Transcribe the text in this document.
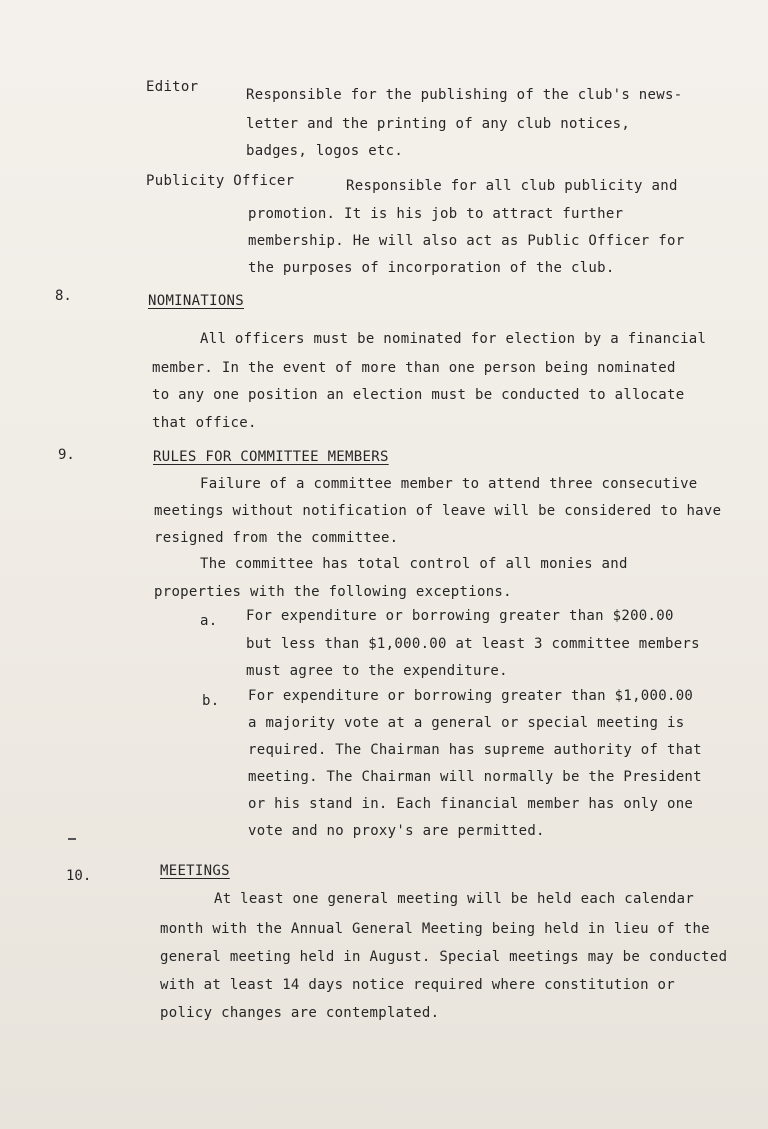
Editor	Responsible for the publishing of the club's news-
letter and the printing of any club notices,
badges, logos etc.
Publicity Officer	Responsible for all club publicity and
promotion. It is his job to attract further
membership. He will also act as Public Officer for
the purposes of incorporation of the club.
8.	NOMINATIONS
All officers must be nominated for election by a financial
member. In the event of more than one person being nominated
to any one position an election must be conducted to allocate
that office.
9.	RULES FOR COMMITTEE MEMBERS
Failure of a committee member to attend three consecutive
meetings without notification of leave will be considered to have
resigned from the committee.
The committee has total control of all monies and
properties with the following exceptions.
a. For expenditure or borrowing greater than $200.00
but less than $1,000.00 at least 3 committee members
must agree to the expenditure.
b. For expenditure or borrowing greater than $1,000.00
a majority vote at a general or special meeting is
required. The Chairman has supreme authority of that
meeting. The Chairman will normally be the President
or his stand in. Each financial member has only one
vote and no proxy's are permitted.
10.	MEETINGS
At least one general meeting will be held each calendar
month with the Annual General Meeting being held in lieu of the
general meeting held in August. Special meetings may be conducted
with at least 14 days notice required where constitution or
policy changes are contemplated.
